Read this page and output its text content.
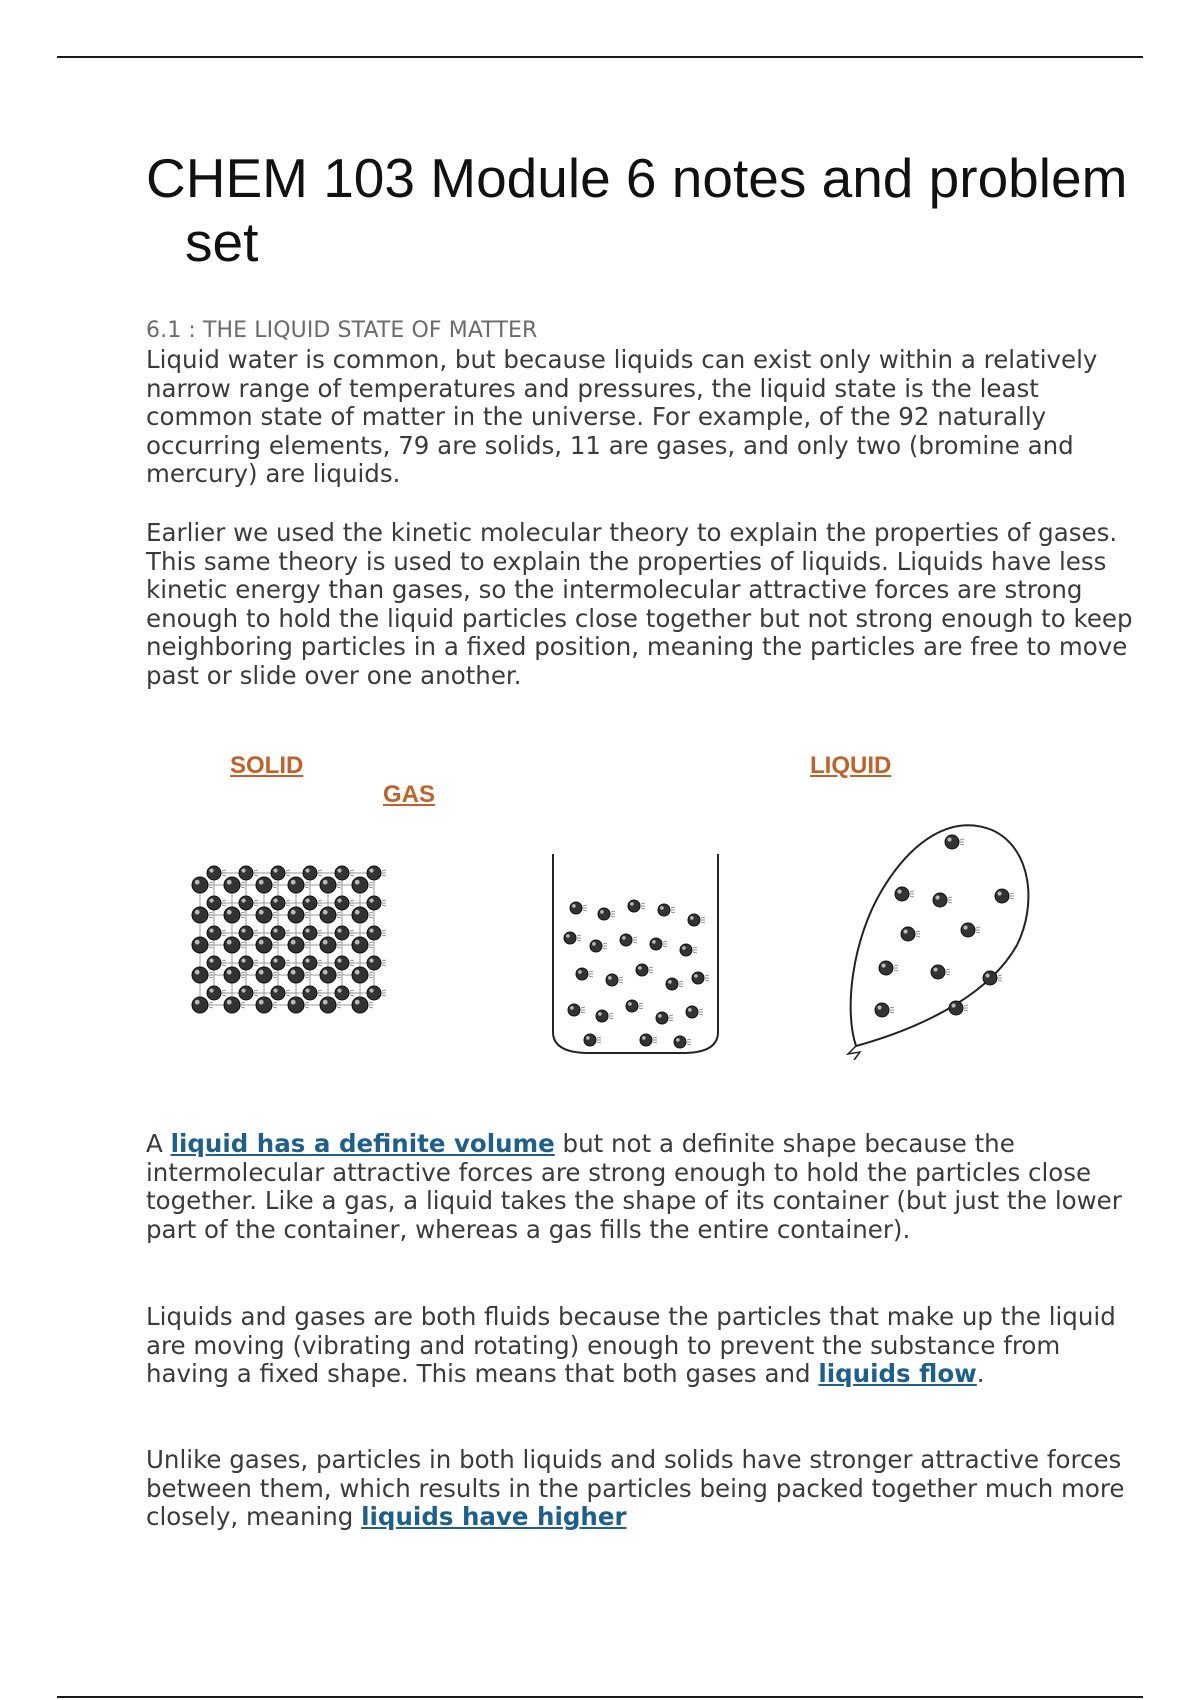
CHEM 103 Module 6 notes and problem
set
6.1 : THE LIQUID STATE OF MATTER

Liquid water is common, but because liquids can exist only within a relatively narrow range of temperatures and pressures, the liquid state is the least common state of matter in the universe. For example, of the 92 naturally occurring elements, 79 are solids, 11 are gases, and only two (bromine and mercury) are liquids.

Earlier we used the kinetic molecular theory to explain the properties of gases. This same theory is used to explain the properties of liquids. Liquids have less kinetic energy than gases, so the intermolecular attractive forces are strong enough to hold the liquid particles close together but not strong enough to keep neighboring particles in a fixed position, meaning the particles are free to move past or slide over one another.

A liquid has a definite volume but not a definite shape because the intermolecular attractive forces are strong enough to hold the particles close together. Like a gas, a liquid takes the shape of its container (but just the lower part of the container, whereas a gas fills the entire container).

Liquids and gases are both fluids because the particles that make up the liquid are moving (vibrating and rotating) enough to prevent the substance from having a fixed shape. This means that both gases and liquids flow.

Unlike gases, particles in both liquids and solids have stronger attractive forces between them, which results in the particles being packed together much more closely, meaning liquids have higher

SOLID
GAS
LIQUID
